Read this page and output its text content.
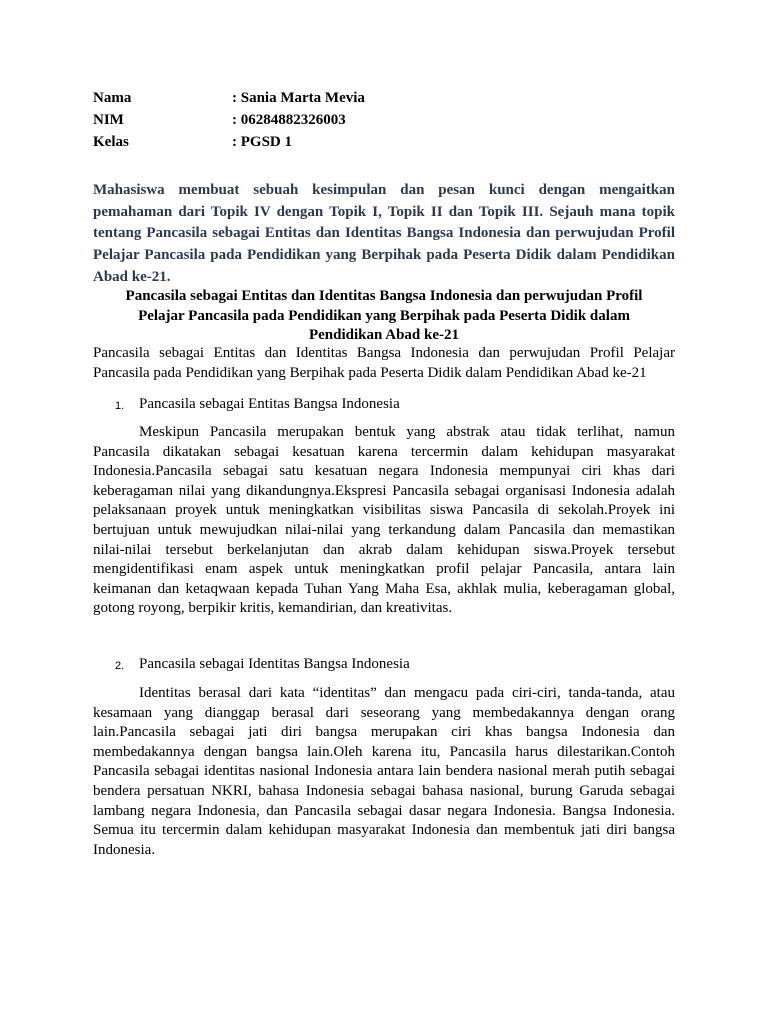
Nama	: Sania Marta Mevia
NIM	: 06284882326003
Kelas	: PGSD 1
Mahasiswa membuat sebuah kesimpulan dan pesan kunci dengan mengaitkan
pemahaman dari Topik IV dengan Topik I, Topik II dan Topik III. Sejauh mana topik
tentang Pancasila sebagai Entitas dan Identitas Bangsa Indonesia dan perwujudan Profil
Pelajar Pancasila pada Pendidikan yang Berpihak pada Peserta Didik dalam Pendidikan
Abad ke-21.
Pancasila sebagai Entitas dan Identitas Bangsa Indonesia dan perwujudan Profil
Pelajar Pancasila pada Pendidikan yang Berpihak pada Peserta Didik dalam
Pendidikan Abad ke-21
Pancasila sebagai Entitas dan Identitas Bangsa Indonesia dan perwujudan Profil Pelajar
Pancasila pada Pendidikan yang Berpihak pada Peserta Didik dalam Pendidikan Abad ke-21
1. Pancasila sebagai Entitas Bangsa Indonesia
Meskipun Pancasila merupakan bentuk yang abstrak atau tidak terlihat, namun
Pancasila dikatakan sebagai kesatuan karena tercermin dalam kehidupan masyarakat
Indonesia.Pancasila sebagai satu kesatuan negara Indonesia mempunyai ciri khas dari
keberagaman nilai yang dikandungnya.Ekspresi Pancasila sebagai organisasi Indonesia adalah
pelaksanaan proyek untuk meningkatkan visibilitas siswa Pancasila di sekolah.Proyek ini
bertujuan untuk mewujudkan nilai-nilai yang terkandung dalam Pancasila dan memastikan
nilai-nilai tersebut berkelanjutan dan akrab dalam kehidupan siswa.Proyek tersebut
mengidentifikasi enam aspek untuk meningkatkan profil pelajar Pancasila, antara lain
keimanan dan ketaqwaan kepada Tuhan Yang Maha Esa, akhlak mulia, keberagaman global,
gotong royong, berpikir kritis, kemandirian, dan kreativitas.
2. Pancasila sebagai Identitas Bangsa Indonesia
Identitas berasal dari kata “identitas” dan mengacu pada ciri-ciri, tanda-tanda, atau
kesamaan yang dianggap berasal dari seseorang yang membedakannya dengan orang
lain.Pancasila sebagai jati diri bangsa merupakan ciri khas bangsa Indonesia dan
membedakannya dengan bangsa lain.Oleh karena itu, Pancasila harus dilestarikan.Contoh
Pancasila sebagai identitas nasional Indonesia antara lain bendera nasional merah putih sebagai
bendera persatuan NKRI, bahasa Indonesia sebagai bahasa nasional, burung Garuda sebagai
lambang negara Indonesia, dan Pancasila sebagai dasar negara Indonesia. Bangsa Indonesia.
Semua itu tercermin dalam kehidupan masyarakat Indonesia dan membentuk jati diri bangsa
Indonesia.
